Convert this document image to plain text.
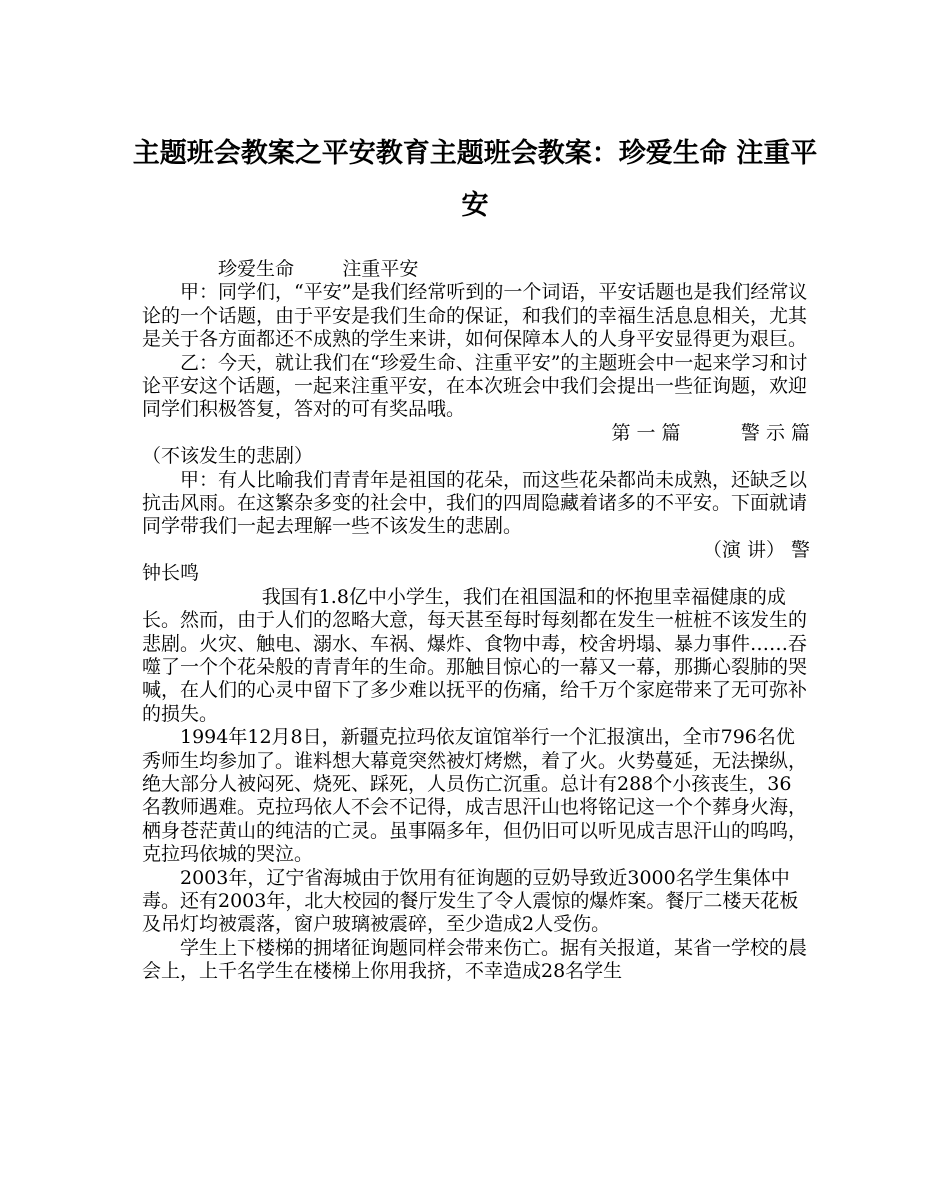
主题班会教案之平安教育主题班会教案：珍爱生命 注重平安

珍爱生命        注重平安

甲：同学们，“平安”是我们经常听到的一个词语，平安话题也是我们经常议论的一个话题，由于平安是我们生命的保证，和我们的幸福生活息息相关，尤其是关于各方面都还不成熟的学生来讲，如何保障本人的人身平安显得更为艰巨。

乙：今天，就让我们在“珍爱生命、注重平安”的主题班会中一起来学习和讨论平安这个话题，一起来注重平安，在本次班会中我们会提出一些征询题，欢迎同学们积极答复，答对的可有奖品哦。

第 一 篇          警 示 篇

（不该发生的悲剧）

甲：有人比喻我们青青年是祖国的花朵，而这些花朵都尚未成熟，还缺乏以抗击风雨。在这繁杂多变的社会中，我们的四周隐藏着诸多的不平安。下面就请同学带我们一起去理解一些不该发生的悲剧。

（演 讲） 警

钟长鸣

我国有1.8亿中小学生，我们在祖国温和的怀抱里幸福健康的成长。然而，由于人们的忽略大意，每天甚至每时每刻都在发生一桩桩不该发生的悲剧。火灾、触电、溺水、车祸、爆炸、食物中毒，校舍坍塌、暴力事件……吞噬了一个个花朵般的青青年的生命。那触目惊心的一幕又一幕，那撕心裂肺的哭喊，在人们的心灵中留下了多少难以抚平的伤痛，给千万个家庭带来了无可弥补的损失。

1994年12月8日，新疆克拉玛依友谊馆举行一个汇报演出，全市796名优秀师生均参加了。谁料想大幕竟突然被灯烤燃，着了火。火势蔓延，无法操纵，绝大部分人被闷死、烧死、踩死，人员伤亡沉重。总计有288个小孩丧生，36名教师遇难。克拉玛依人不会不记得，成吉思汗山也将铭记这一个个葬身火海，栖身苍茫黄山的纯洁的亡灵。虽事隔多年，但仍旧可以听见成吉思汗山的呜呜，克拉玛依城的哭泣。

2003年，辽宁省海城由于饮用有征询题的豆奶导致近3000名学生集体中毒。还有2003年，北大校园的餐厅发生了令人震惊的爆炸案。餐厅二楼天花板及吊灯均被震落，窗户玻璃被震碎，至少造成2人受伤。

学生上下楼梯的拥堵征询题同样会带来伤亡。据有关报道，某省一学校的晨会上，上千名学生在楼梯上你用我挤，不幸造成28名学生
